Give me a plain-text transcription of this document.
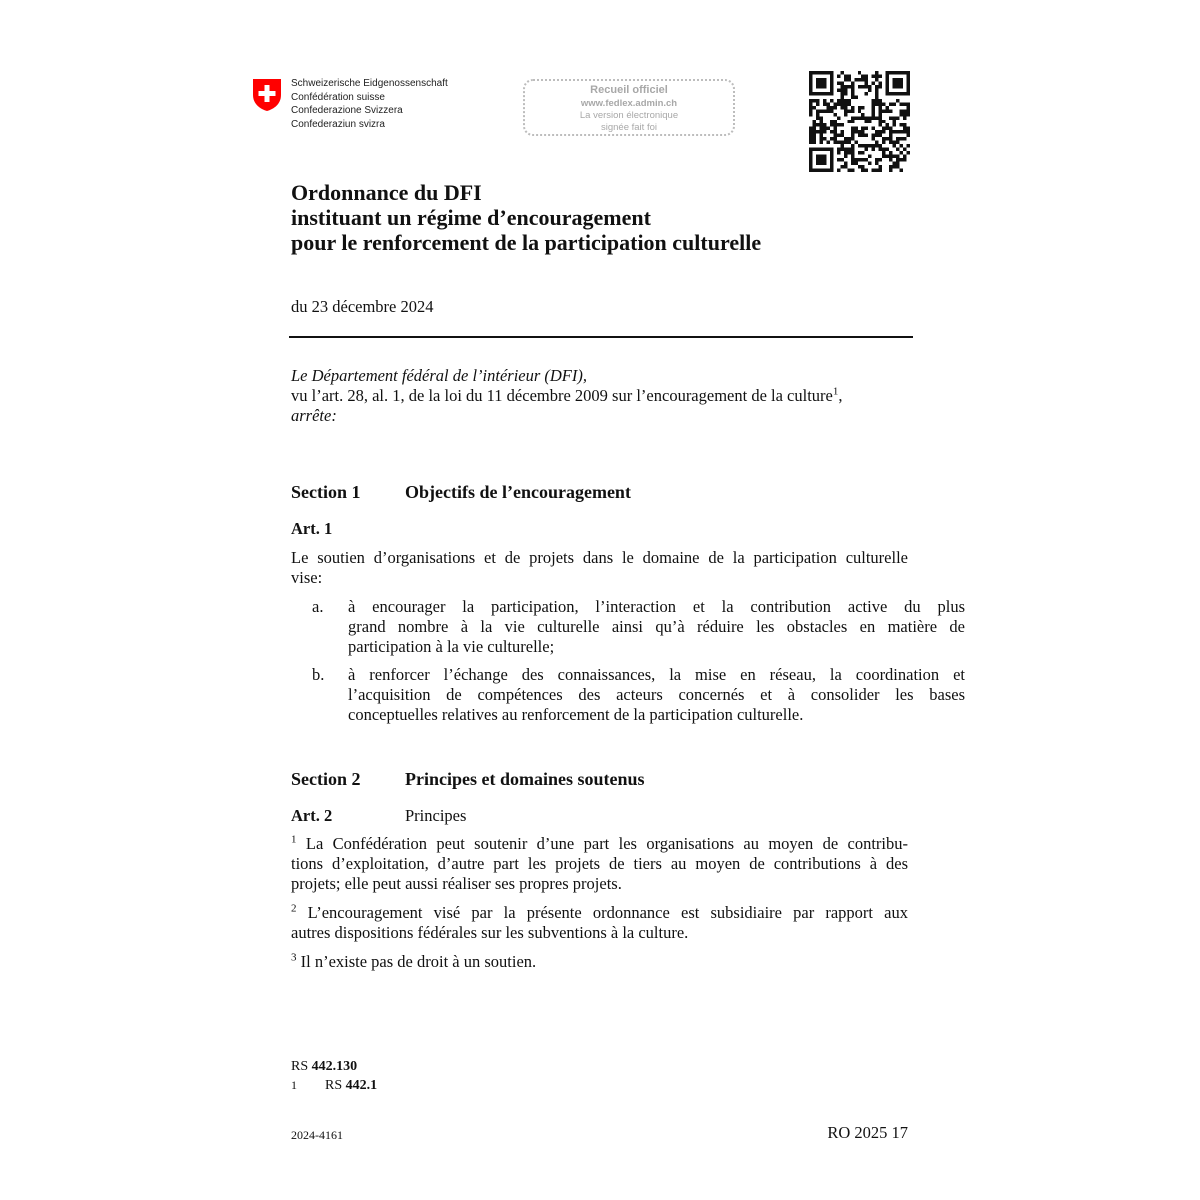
Schweizerische Eidgenossenschaft
Confédération suisse
Confederazione Svizzera
Confederaziun svizra
Recueil officiel
www.fedlex.admin.ch
La version électronique
signée fait foi
Ordonnance du DFI
instituant un régime d’encouragement
pour le renforcement de la participation culturelle
du 23 décembre 2024
Le Département fédéral de l’intérieur (DFI),
vu l’art. 28, al. 1, de la loi du 11 décembre 2009 sur l’encouragement de la culture$^1$,
arrête:
Section 1 Objectifs de l’encouragement
Art. 1
Le soutien d’organisations et de projets dans le domaine de la participation culturelle
vise:
a. à encourager la participation, l’interaction et la contribution active du plus
grand nombre à la vie culturelle ainsi qu’à réduire les obstacles en matière de
participation à la vie culturelle;
b. à renforcer l’échange des connaissances, la mise en réseau, la coordination et
l’acquisition de compétences des acteurs concernés et à consolider les bases
conceptuelles relatives au renforcement de la participation culturelle.
Section 2 Principes et domaines soutenus
Art. 2	Principes
$^1$ La Confédération peut soutenir d’une part les organisations au moyen de contribu-
tions d’exploitation, d’autre part les projets de tiers au moyen de contributions à des
projets; elle peut aussi réaliser ses propres projets.
$^2$ L’encouragement visé par la présente ordonnance est subsidiaire par rapport aux
autres dispositions fédérales sur les subventions à la culture.
$^3$ Il n’existe pas de droit à un soutien.
RS 442.130
1 RS 442.1
2024-4161	RO 2025 17
